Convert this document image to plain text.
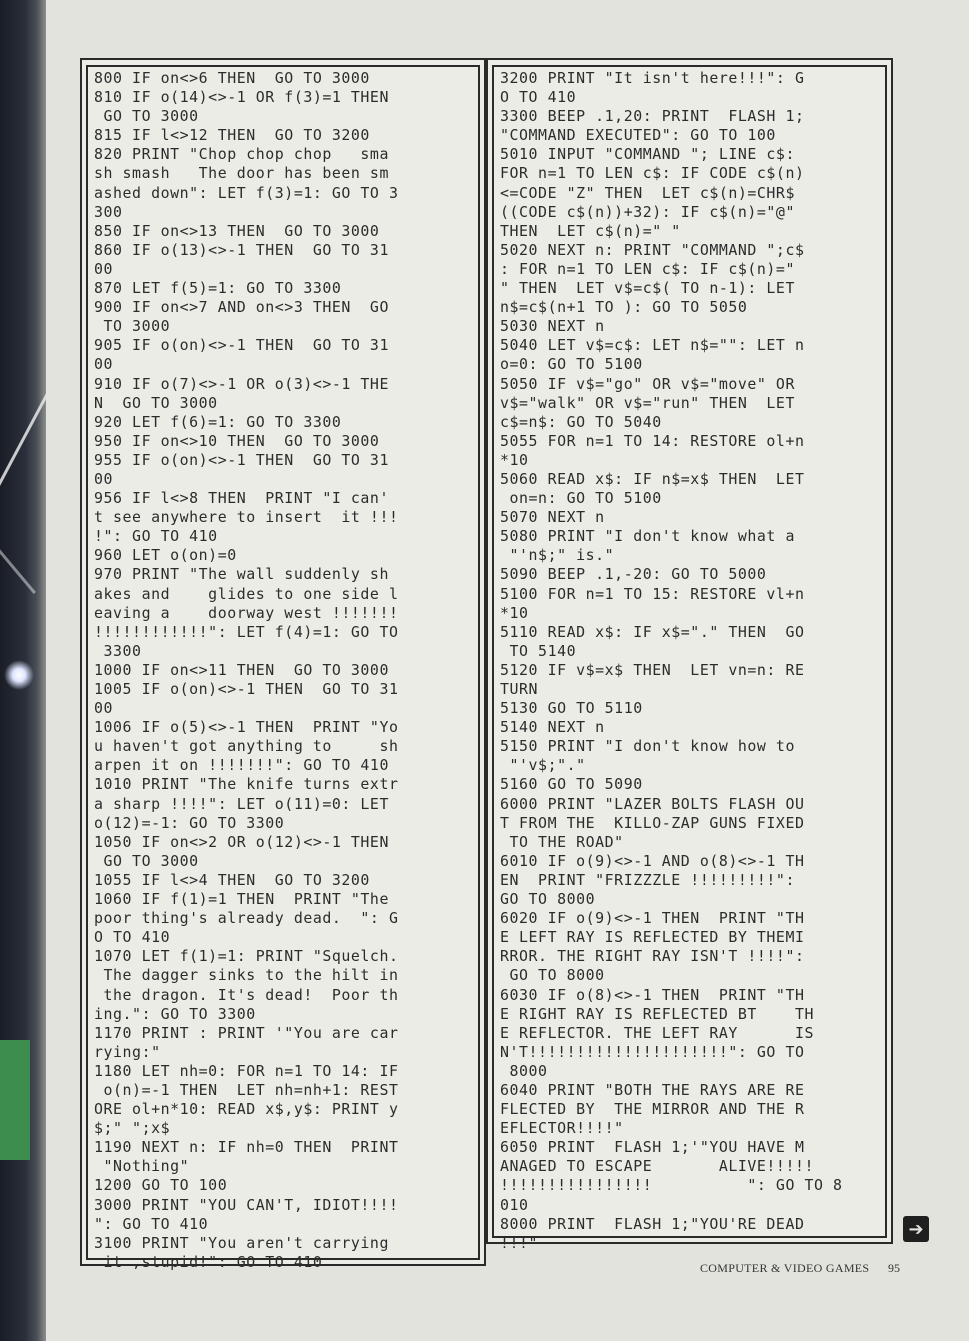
800 IF on<>6 THEN  GO TO 3000
810 IF o(14)<>-1 OR f(3)=1 THEN
GO TO 3000
815 IF l<>12 THEN  GO TO 3200
820 PRINT "Chop chop chop   sma
sh smash   The door has been sm
ashed down": LET f(3)=1: GO TO 3
300
850 IF on<>13 THEN  GO TO 3000
860 IF o(13)<>-1 THEN  GO TO 31
00
870 LET f(5)=1: GO TO 3300
900 IF on<>7 AND on<>3 THEN  GO
TO 3000
905 IF o(on)<>-1 THEN  GO TO 31
00
910 IF o(7)<>-1 OR o(3)<>-1 THE
N  GO TO 3000
920 LET f(6)=1: GO TO 3300
950 IF on<>10 THEN  GO TO 3000
955 IF o(on)<>-1 THEN  GO TO 31
00
956 IF l<>8 THEN  PRINT "I can'
t see anywhere to insert  it !!!
!": GO TO 410
960 LET o(on)=0
970 PRINT "The wall suddenly sh
akes and    glides to one side l
eaving a    doorway west !!!!!!!
!!!!!!!!!!!!": LET f(4)=1: GO TO
3300
1000 IF on<>11 THEN  GO TO 3000
1005 IF o(on)<>-1 THEN  GO TO 31
00
1006 IF o(5)<>-1 THEN  PRINT "Yo
u haven't got anything to     sh
arpen it on !!!!!!!": GO TO 410
1010 PRINT "The knife turns extr
a sharp !!!!": LET o(11)=0: LET
o(12)=-1: GO TO 3300
1050 IF on<>2 OR o(12)<>-1 THEN
GO TO 3000
1055 IF l<>4 THEN  GO TO 3200
1060 IF f(1)=1 THEN  PRINT "The
poor thing's already dead.  ": G
O TO 410
1070 LET f(1)=1: PRINT "Squelch.
The dagger sinks to the hilt in
the dragon. It's dead!  Poor th
ing.": GO TO 3300
1170 PRINT : PRINT '"You are car
rying:"
1180 LET nh=0: FOR n=1 TO 14: IF
o(n)=-1 THEN  LET nh=nh+1: REST
ORE ol+n*10: READ x$,y$: PRINT y
$;" ";x$
1190 NEXT n: IF nh=0 THEN  PRINT
"Nothing"
1200 GO TO 100
3000 PRINT "YOU CAN'T, IDIOT!!!!
": GO TO 410
3100 PRINT "You aren't carrying
it ,stupid!": GO TO 410
3200 PRINT "It isn't here!!!": G
O TO 410
3300 BEEP .1,20: PRINT  FLASH 1;
"COMMAND EXECUTED": GO TO 100
5010 INPUT "COMMAND "; LINE c$:
FOR n=1 TO LEN c$: IF CODE c$(n)
<=CODE "Z" THEN  LET c$(n)=CHR$
((CODE c$(n))+32): IF c$(n)="@"
THEN  LET c$(n)=" "
5020 NEXT n: PRINT "COMMAND ";c$
: FOR n=1 TO LEN c$: IF c$(n)="
" THEN  LET v$=c$( TO n-1): LET
n$=c$(n+1 TO ): GO TO 5050
5030 NEXT n
5040 LET v$=c$: LET n$="": LET n
o=0: GO TO 5100
5050 IF v$="go" OR v$="move" OR
v$="walk" OR v$="run" THEN  LET
c$=n$: GO TO 5040
5055 FOR n=1 TO 14: RESTORE ol+n
*10
5060 READ x$: IF n$=x$ THEN  LET
on=n: GO TO 5100
5070 NEXT n
5080 PRINT "I don't know what a
"'n$;" is."
5090 BEEP .1,-20: GO TO 5000
5100 FOR n=1 TO 15: RESTORE vl+n
*10
5110 READ x$: IF x$="." THEN  GO
TO 5140
5120 IF v$=x$ THEN  LET vn=n: RE
TURN
5130 GO TO 5110
5140 NEXT n
5150 PRINT "I don't know how to
"'v$;"."
5160 GO TO 5090
6000 PRINT "LAZER BOLTS FLASH OU
T FROM THE  KILLO-ZAP GUNS FIXED
TO THE ROAD"
6010 IF o(9)<>-1 AND o(8)<>-1 TH
EN  PRINT "FRIZZZLE !!!!!!!!!":
GO TO 8000
6020 IF o(9)<>-1 THEN  PRINT "TH
E LEFT RAY IS REFLECTED BY THEMI
RROR. THE RIGHT RAY ISN'T !!!!":
GO TO 8000
6030 IF o(8)<>-1 THEN  PRINT "TH
E RIGHT RAY IS REFLECTED BT    TH
E REFLECTOR. THE LEFT RAY      IS
N'T!!!!!!!!!!!!!!!!!!!!!": GO TO
8000
6040 PRINT "BOTH THE RAYS ARE RE
FLECTED BY  THE MIRROR AND THE R
EFLECTOR!!!!"
6050 PRINT  FLASH 1;'"YOU HAVE M
ANAGED TO ESCAPE       ALIVE!!!!!
!!!!!!!!!!!!!!!!          ": GO TO 8
010
8000 PRINT  FLASH 1;"YOU'RE DEAD
!!!"
➔
COMPUTER & VIDEO GAMES 95
